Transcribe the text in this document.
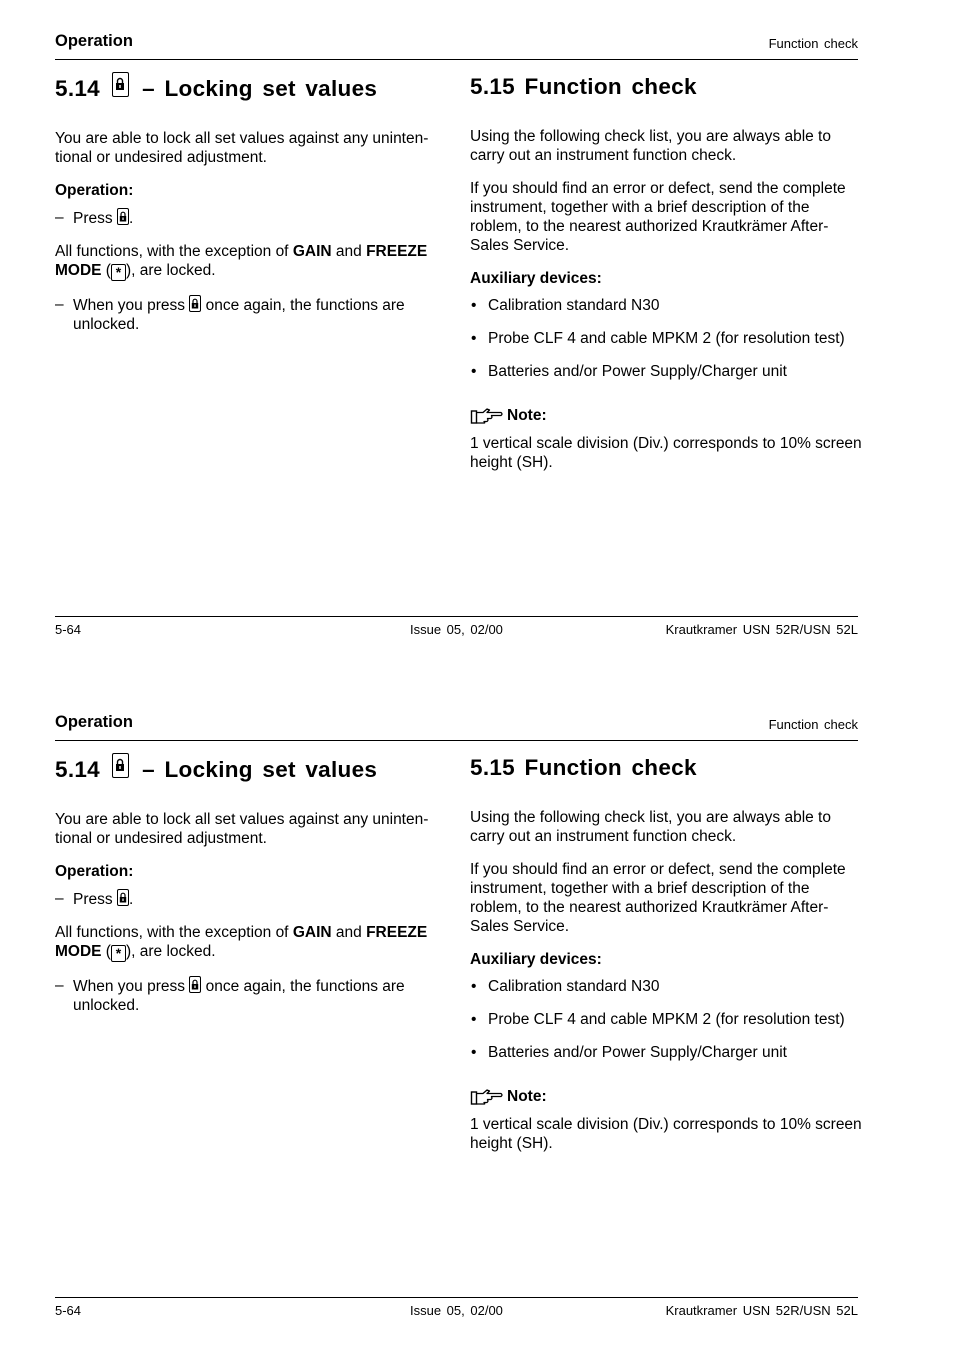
Operation	Function check
5.14 – Locking set values

You are able to lock all set values against any uninten- tional or undesired adjustment.

Operation:
– Press .

All functions, with the exception of GAIN and FREEZE MODE ( * ), are locked.

– When you press once again, the functions are unlocked.
5.15 Function check

Using the following check list, you are always able to carry out an instrument function check.

If you should find an error or defect, send the complete instrument, together with a brief description of the roblem, to the nearest authorized Krautkrämer After- Sales Service.

Auxiliary devices:
• Calibration standard N30
• Probe CLF 4 and cable MPKM 2 (for resolution test)
• Batteries and/or Power Supply/Charger unit
Note:

1 vertical scale division (Div.) corresponds to 10% screen height (SH).

5-64	Issue 05, 02/00	Krautkramer USN 52R/USN 52L
Operation	Function check
5.14 – Locking set values

You are able to lock all set values against any uninten- tional or undesired adjustment.

Operation:
– Press .

All functions, with the exception of GAIN and FREEZE MODE ( * ), are locked.

– When you press once again, the functions are unlocked.
5.15 Function check

Using the following check list, you are always able to carry out an instrument function check.

If you should find an error or defect, send the complete instrument, together with a brief description of the roblem, to the nearest authorized Krautkrämer After- Sales Service.

Auxiliary devices:
• Calibration standard N30
• Probe CLF 4 and cable MPKM 2 (for resolution test)
• Batteries and/or Power Supply/Charger unit
Note:

1 vertical scale division (Div.) corresponds to 10% screen height (SH).

5-64	Issue 05, 02/00	Krautkramer USN 52R/USN 52L
